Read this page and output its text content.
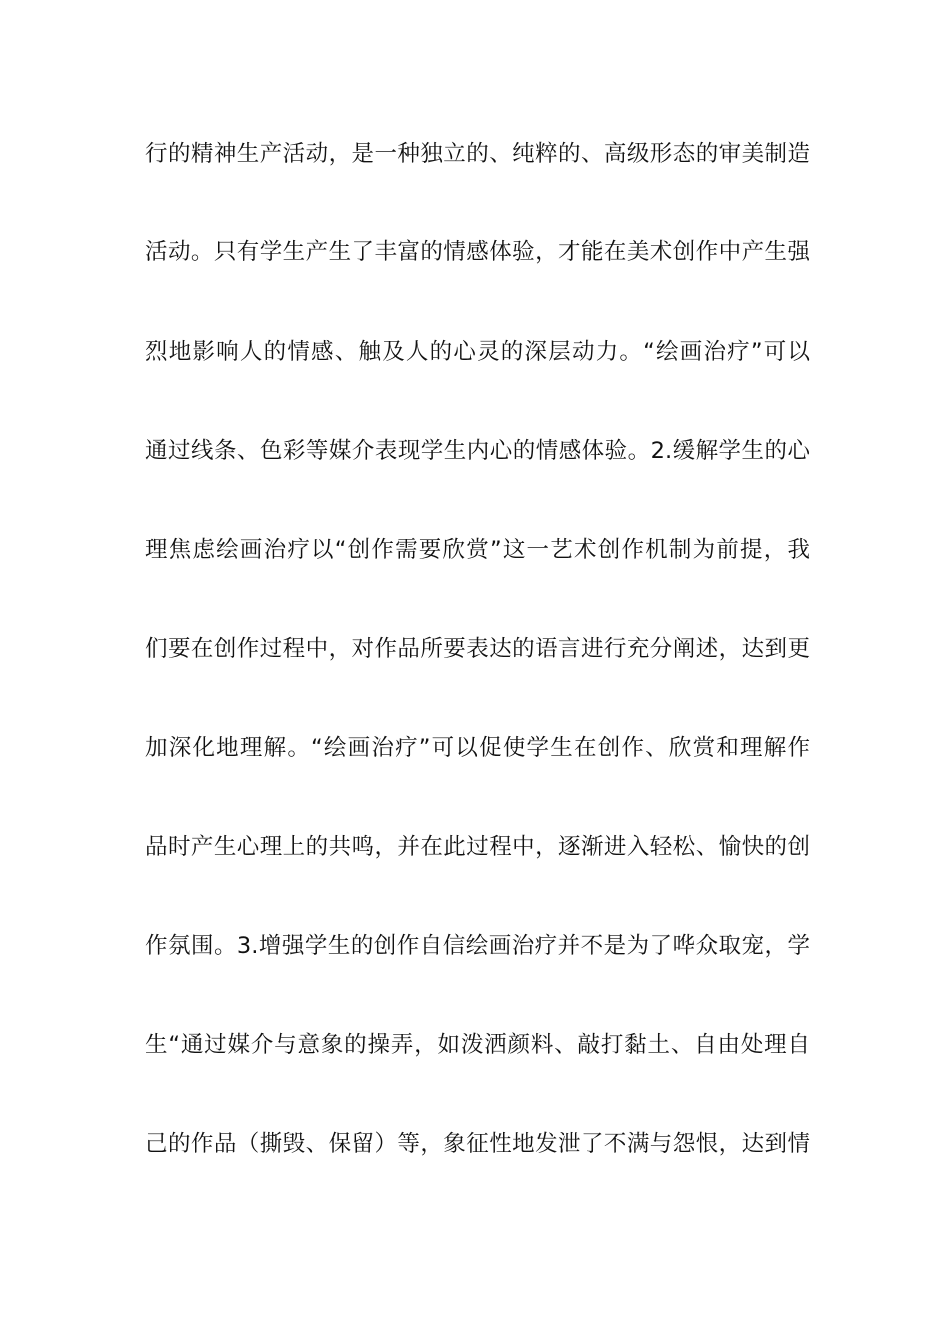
行的精神生产活动，是一种独立的、纯粹的、高级形态的审美制造
活动。只有学生产生了丰富的情感体验，才能在美术创作中产生强
烈地影响人的情感、触及人的心灵的深层动力。“绘画治疗”可以
通过线条、色彩等媒介表现学生内心的情感体验。2.缓解学生的心
理焦虑绘画治疗以“创作需要欣赏”这一艺术创作机制为前提，我
们要在创作过程中，对作品所要表达的语言进行充分阐述，达到更
加深化地理解。“绘画治疗”可以促使学生在创作、欣赏和理解作
品时产生心理上的共鸣，并在此过程中，逐渐进入轻松、愉快的创
作氛围。3.增强学生的创作自信绘画治疗并不是为了哗众取宠，学
生“通过媒介与意象的操弄，如泼洒颜料、敲打黏土、自由处理自
己的作品（撕毁、保留）等，象征性地发泄了不满与怨恨，达到情
